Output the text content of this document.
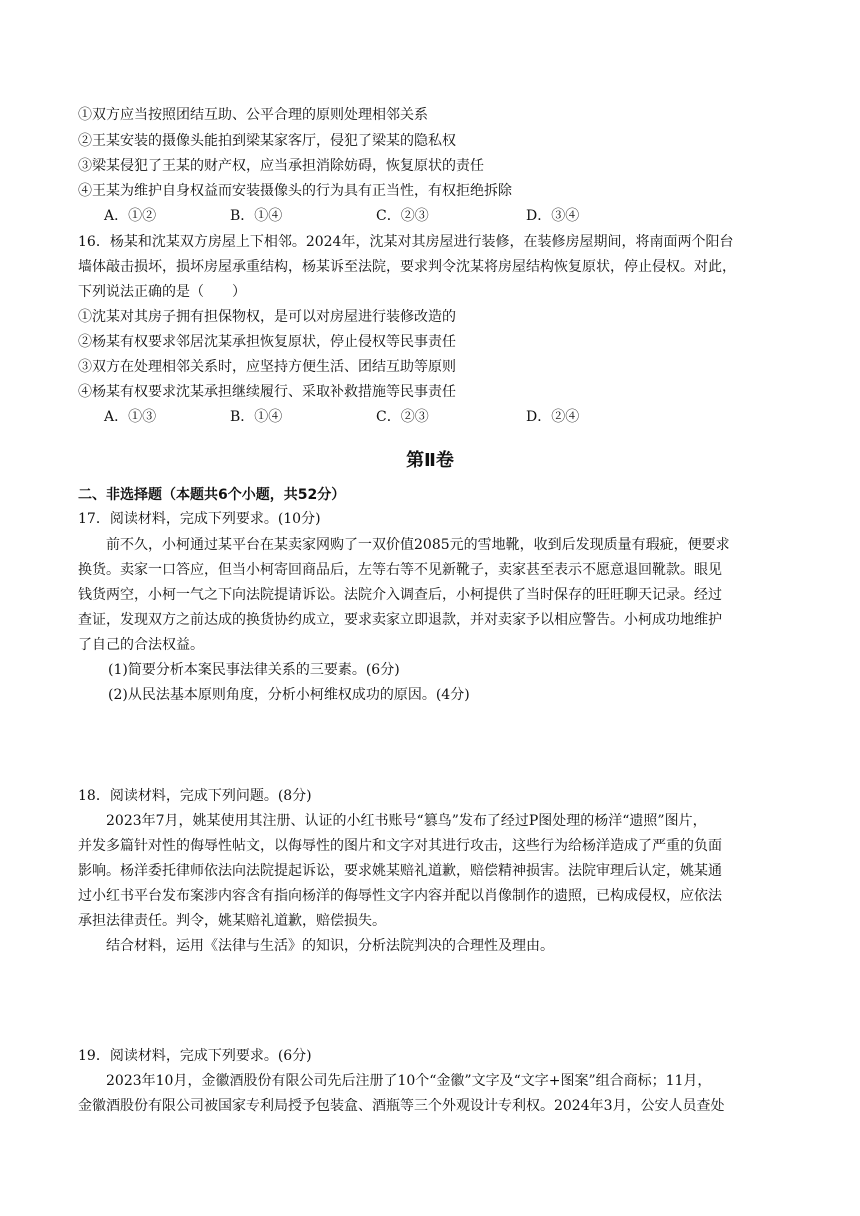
①双方应当按照团结互助、公平合理的原则处理相邻关系
②王某安装的摄像头能拍到梁某家客厅，侵犯了梁某的隐私权
③梁某侵犯了王某的财产权，应当承担消除妨碍，恢复原状的责任
④王某为维护自身权益而安装摄像头的行为具有正当性，有权拒绝拆除
A．①②	B．①④	C．②③	D．③④
16．杨某和沈某双方房屋上下相邻。2024年，沈某对其房屋进行装修，在装修房屋期间，将南面两个阳台
墙体敲击损坏，损坏房屋承重结构，杨某诉至法院，要求判令沈某将房屋结构恢复原状，停止侵权。对此，
下列说法正确的是（　　）
①沈某对其房子拥有担保物权，是可以对房屋进行装修改造的
②杨某有权要求邻居沈某承担恢复原状，停止侵权等民事责任
③双方在处理相邻关系时，应坚持方便生活、团结互助等原则
④杨某有权要求沈某承担继续履行、采取补救措施等民事责任
A．①③	B．①④	C．②③	D．②④
第Ⅱ卷
二、非选择题（本题共6个小题，共52分）
17．阅读材料，完成下列要求。(10分)
前不久，小柯通过某平台在某卖家网购了一双价值2085元的雪地靴，收到后发现质量有瑕疵，便要求
换货。卖家一口答应，但当小柯寄回商品后，左等右等不见新靴子，卖家甚至表示不愿意退回靴款。眼见
钱货两空，小柯一气之下向法院提请诉讼。法院介入调查后，小柯提供了当时保存的旺旺聊天记录。经过
查证，发现双方之前达成的换货协约成立，要求卖家立即退款，并对卖家予以相应警告。小柯成功地维护
了自己的合法权益。
(1)简要分析本案民事法律关系的三要素。(6分)
(2)从民法基本原则角度，分析小柯维权成功的原因。(4分)
18．阅读材料，完成下列问题。(8分)
2023年7月，姚某使用其注册、认证的小红书账号“篡鸟”发布了经过P图处理的杨洋“遗照”图片，
并发多篇针对性的侮辱性帖文，以侮辱性的图片和文字对其进行攻击，这些行为给杨洋造成了严重的负面
影响。杨洋委托律师依法向法院提起诉讼，要求姚某赔礼道歉，赔偿精神损害。法院审理后认定，姚某通
过小红书平台发布案涉内容含有指向杨洋的侮辱性文字内容并配以肖像制作的遗照，已构成侵权，应依法
承担法律责任。判令，姚某赔礼道歉，赔偿损失。
结合材料，运用《法律与生活》的知识，分析法院判决的合理性及理由。
19．阅读材料，完成下列要求。(6分)
2023年10月，金徽酒股份有限公司先后注册了10个“金徽”文字及“文字+图案”组合商标；11月，
金徽酒股份有限公司被国家专利局授予包装盒、酒瓶等三个外观设计专利权。2024年3月，公安人员查处
